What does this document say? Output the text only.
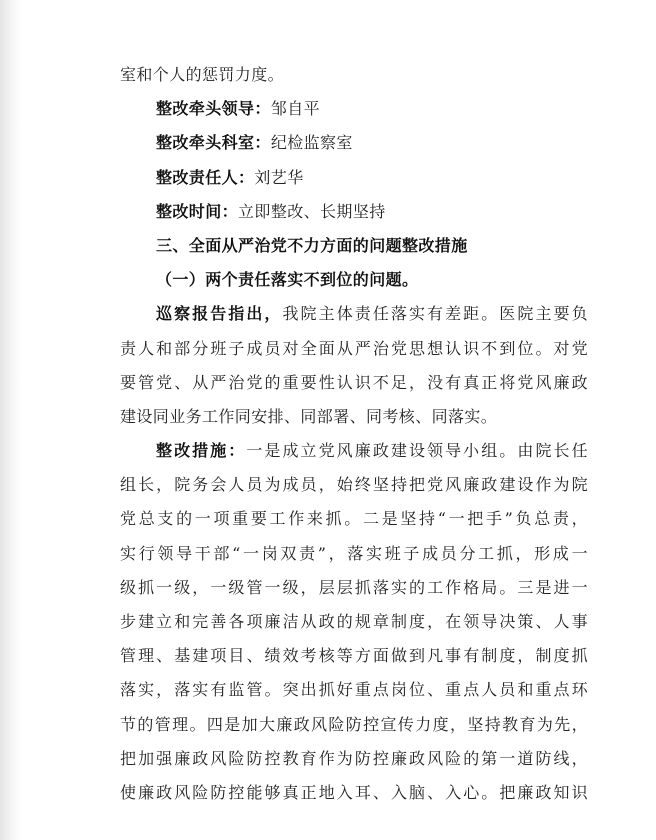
室和个人的惩罚力度。
整改牵头领导：邹自平
整改牵头科室：纪检监察室
整改责任人：刘艺华
整改时间：立即整改、长期坚持
三、全面从严治党不力方面的问题整改措施
（一）两个责任落实不到位的问题。
巡察报告指出，我院主体责任落实有差距。医院主要负
责人和部分班子成员对全面从严治党思想认识不到位。对党
要管党、从严治党的重要性认识不足，没有真正将党风廉政
建设同业务工作同安排、同部署、同考核、同落实。
整改措施：一是成立党风廉政建设领导小组。由院长任
组长，院务会人员为成员，始终坚持把党风廉政建设作为院
党总支的一项重要工作来抓。二是坚持“一把手”负总责，
实行领导干部“一岗双责”，落实班子成员分工抓，形成一
级抓一级，一级管一级，层层抓落实的工作格局。三是进一
步建立和完善各项廉洁从政的规章制度，在领导决策、人事
管理、基建项目、绩效考核等方面做到凡事有制度，制度抓
落实，落实有监管。突出抓好重点岗位、重点人员和重点环
节的管理。四是加大廉政风险防控宣传力度，坚持教育为先，
把加强廉政风险防控教育作为防控廉政风险的第一道防线，
使廉政风险防控能够真正地入耳、入脑、入心。把廉政知识
